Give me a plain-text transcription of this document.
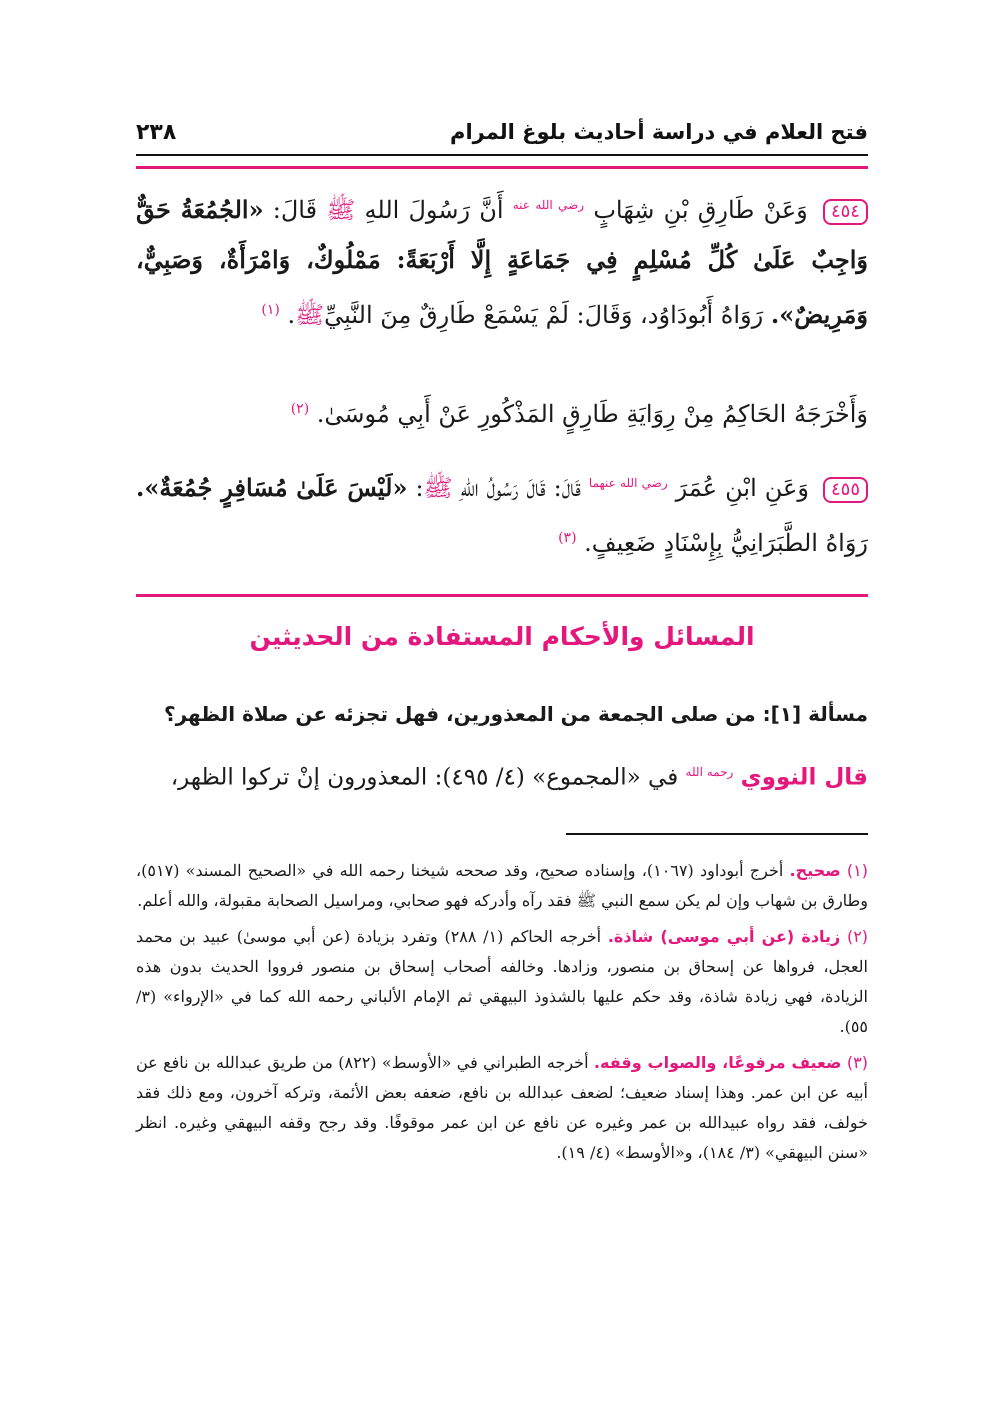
فتح العلام في دراسة أحاديث بلوغ المرام
٢٣٨
٤٥٤ وَعَنْ طَارِقِ بْنِ شِهَابٍ $^{رضي الله عنه}$ أَنَّ رَسُولَ اللهِ ﷺ قَالَ: «الجُمُعَةُ حَقٌّ وَاجِبٌ عَلَىٰ كُلِّ مُسْلِمٍ فِي جَمَاعَةٍ إِلَّا أَرْبَعَةً: مَمْلُوكٌ، وَامْرَأَةٌ، وَصَبِيٌّ، وَمَرِيضٌ». رَوَاهُ أَبُودَاوُد، وَقَالَ: لَمْ يَسْمَعْ طَارِقٌ مِنَ النَّبِيِّﷺ. $^{(١)}$
وَأَخْرَجَهُ الحَاكِمُ مِنْ رِوَايَةِ طَارِقٍ المَذْكُورِ عَنْ أَبِي مُوسَىٰ. $^{(٢)}$
٤٥٥ وَعَنِ ابْنِ عُمَرَ $^{رضي الله عنهما}$ قَالَ: قَالَ رَسُولُ اللهِ ﷺ: «لَيْسَ عَلَىٰ مُسَافِرٍ جُمُعَةٌ». رَوَاهُ الطَّبَرَانِيُّ بِإِسْنَادٍ ضَعِيفٍ. $^{(٣)}$
المسائل والأحكام المستفادة من الحديثين
مسألة [١]: من صلى الجمعة من المعذورين، فهل تجزئه عن صلاة الظهر؟
قال النووي $^{رحمه الله}$ في «المجموع» (٤/ ٤٩٥): المعذورون إنْ تركوا الظهر،
(١) صحيح. أخرج أبوداود (١٠٦٧)، وإسناده صحيح، وقد صححه شيخنا رحمه الله في «الصحيح المسند» (٥١٧)، وطارق بن شهاب وإن لم يكن سمع النبي ﷺ فقد رآه وأدركه فهو صحابي، ومراسيل الصحابة مقبولة، والله أعلم.
(٢) زيادة (عن أبي موسى) شاذة. أخرجه الحاكم (١/ ٢٨٨) وتفرد بزيادة (عن أبي موسىٰ) عبيد بن محمد العجل، فرواها عن إسحاق بن منصور، وزادها. وخالفه أصحاب إسحاق بن منصور فرووا الحديث بدون هذه الزيادة، فهي زيادة شاذة، وقد حكم عليها بالشذوذ البيهقي ثم الإمام الألباني رحمه الله كما في «الإرواء» (٣/ ٥٥).
(٣) ضعيف مرفوعًا، والصواب وقفه. أخرجه الطبراني في «الأوسط» (٨٢٢) من طريق عبدالله بن نافع عن أبيه عن ابن عمر. وهذا إسناد ضعيف؛ لضعف عبدالله بن نافع، ضعفه بعض الأئمة، وتركه آخرون، ومع ذلك فقد خولف، فقد رواه عبيدالله بن عمر وغيره عن نافع عن ابن عمر موقوفًا. وقد رجح وقفه البيهقي وغيره. انظر «سنن البيهقي» (٣/ ١٨٤)، و«الأوسط» (٤/ ١٩).
